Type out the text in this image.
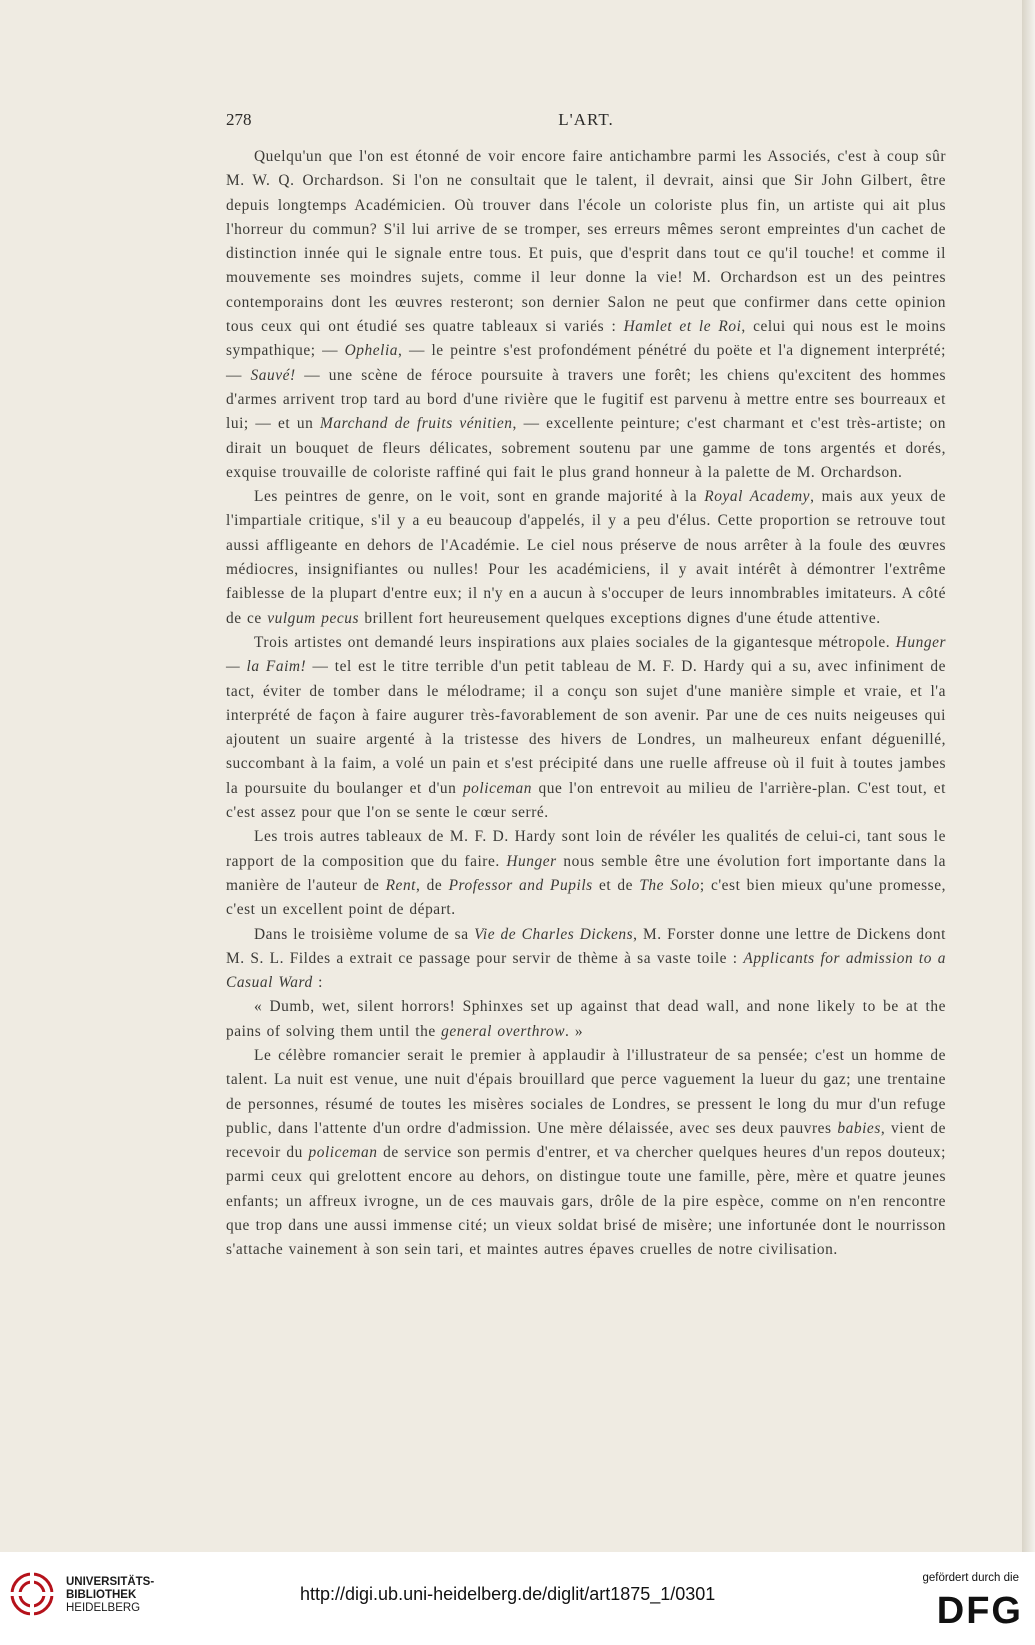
278	L'ART.

Quelqu'un que l'on est étonné de voir encore faire antichambre parmi les Associés, c'est à coup sûr M. W. Q. Orchardson. Si l'on ne consultait que le talent, il devrait, ainsi que Sir John Gilbert, être depuis longtemps Académicien. Où trouver dans l'école un coloriste plus fin, un artiste qui ait plus l'horreur du commun? S'il lui arrive de se tromper, ses erreurs mêmes seront empreintes d'un cachet de distinction innée qui le signale entre tous. Et puis, que d'esprit dans tout ce qu'il touche! et comme il mouvemente ses moindres sujets, comme il leur donne la vie! M. Orchardson est un des peintres contemporains dont les œuvres resteront; son dernier Salon ne peut que confirmer dans cette opinion tous ceux qui ont étudié ses quatre tableaux si variés : Hamlet et le Roi, celui qui nous est le moins sympathique; — Ophelia, — le peintre s'est profondément pénétré du poëte et l'a dignement interprété; — Sauvé! — une scène de féroce poursuite à travers une forêt; les chiens qu'excitent des hommes d'armes arrivent trop tard au bord d'une rivière que le fugitif est parvenu à mettre entre ses bourreaux et lui; — et un Marchand de fruits vénitien, — excellente peinture; c'est charmant et c'est très-artiste; on dirait un bouquet de fleurs délicates, sobrement soutenu par une gamme de tons argentés et dorés, exquise trouvaille de coloriste raffiné qui fait le plus grand honneur à la palette de M. Orchardson.

Les peintres de genre, on le voit, sont en grande majorité à la Royal Academy, mais aux yeux de l'impartiale critique, s'il y a eu beaucoup d'appelés, il y a peu d'élus. Cette proportion se retrouve tout aussi affligeante en dehors de l'Académie. Le ciel nous préserve de nous arrêter à la foule des œuvres médiocres, insignifiantes ou nulles! Pour les académiciens, il y avait intérêt à démontrer l'extrême faiblesse de la plupart d'entre eux; il n'y en a aucun à s'occuper de leurs innombrables imitateurs. A côté de ce vulgum pecus brillent fort heureusement quelques exceptions dignes d'une étude attentive.

Trois artistes ont demandé leurs inspirations aux plaies sociales de la gigantesque métropole. Hunger — la Faim! — tel est le titre terrible d'un petit tableau de M. F. D. Hardy qui a su, avec infiniment de tact, éviter de tomber dans le mélodrame; il a conçu son sujet d'une manière simple et vraie, et l'a interprété de façon à faire augurer très-favorablement de son avenir. Par une de ces nuits neigeuses qui ajoutent un suaire argenté à la tristesse des hivers de Londres, un malheureux enfant déguenillé, succombant à la faim, a volé un pain et s'est précipité dans une ruelle affreuse où il fuit à toutes jambes la poursuite du boulanger et d'un policeman que l'on entrevoit au milieu de l'arrière-plan. C'est tout, et c'est assez pour que l'on se sente le cœur serré.

Les trois autres tableaux de M. F. D. Hardy sont loin de révéler les qualités de celui-ci, tant sous le rapport de la composition que du faire. Hunger nous semble être une évolution fort importante dans la manière de l'auteur de Rent, de Professor and Pupils et de The Solo; c'est bien mieux qu'une promesse, c'est un excellent point de départ.

Dans le troisième volume de sa Vie de Charles Dickens, M. Forster donne une lettre de Dickens dont M. S. L. Fildes a extrait ce passage pour servir de thème à sa vaste toile : Applicants for admission to a Casual Ward :

« Dumb, wet, silent horrors! Sphinxes set up against that dead wall, and none likely to be at the pains of solving them until the general overthrow. »

Le célèbre romancier serait le premier à applaudir à l'illustrateur de sa pensée; c'est un homme de talent. La nuit est venue, une nuit d'épais brouillard que perce vaguement la lueur du gaz; une trentaine de personnes, résumé de toutes les misères sociales de Londres, se pressent le long du mur d'un refuge public, dans l'attente d'un ordre d'admission. Une mère délaissée, avec ses deux pauvres babies, vient de recevoir du policeman de service son permis d'entrer, et va chercher quelques heures d'un repos douteux; parmi ceux qui grelottent encore au dehors, on distingue toute une famille, père, mère et quatre jeunes enfants; un affreux ivrogne, un de ces mauvais gars, drôle de la pire espèce, comme on n'en rencontre que trop dans une aussi immense cité; un vieux soldat brisé de misère; une infortunée dont le nourrisson s'attache vainement à son sein tari, et maintes autres épaves cruelles de notre civilisation.

UNIVERSITÄTS-
BIBLIOTHEK
HEIDELBERG
http://digi.ub.uni-heidelberg.de/diglit/art1875_1/0301
gefördert durch die
DFG
